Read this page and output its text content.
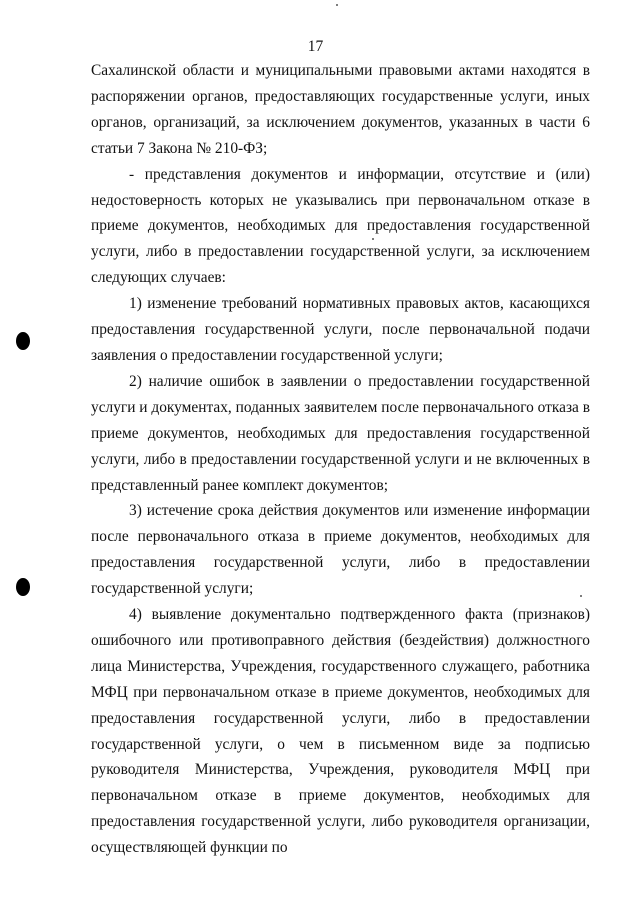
17

Сахалинской области и муниципальными правовыми актами находятся в распоряжении органов, предоставляющих государственные услуги, иных органов, организаций, за исключением документов, указанных в части 6 статьи 7 Закона № 210-ФЗ;

- представления документов и информации, отсутствие и (или) недостоверность которых не указывались при первоначальном отказе в приеме документов, необходимых для предоставления государственной услуги, либо в предоставлении государственной услуги, за исключением следующих случаев:

1) изменение требований нормативных правовых актов, касающихся предоставления государственной услуги, после первоначальной подачи заявления о предоставлении государственной услуги;

2) наличие ошибок в заявлении о предоставлении государственной услуги и документах, поданных заявителем после первоначального отказа в приеме документов, необходимых для предоставления государственной услуги, либо в предоставлении государственной услуги и не включенных в представленный ранее комплект документов;

3) истечение срока действия документов или изменение информации после первоначального отказа в приеме документов, необходимых для предоставления государственной услуги, либо в предоставлении государственной услуги;

4) выявление документально подтвержденного факта (признаков) ошибочного или противоправного действия (бездействия) должностного лица Министерства, Учреждения, государственного служащего, работника МФЦ при первоначальном отказе в приеме документов, необходимых для предоставления государственной услуги, либо в предоставлении государственной услуги, о чем в письменном виде за подписью руководителя Министерства, Учреждения, руководителя МФЦ при первоначальном отказе в приеме документов, необходимых для предоставления государственной услуги, либо руководителя организации, осуществляющей функции по
